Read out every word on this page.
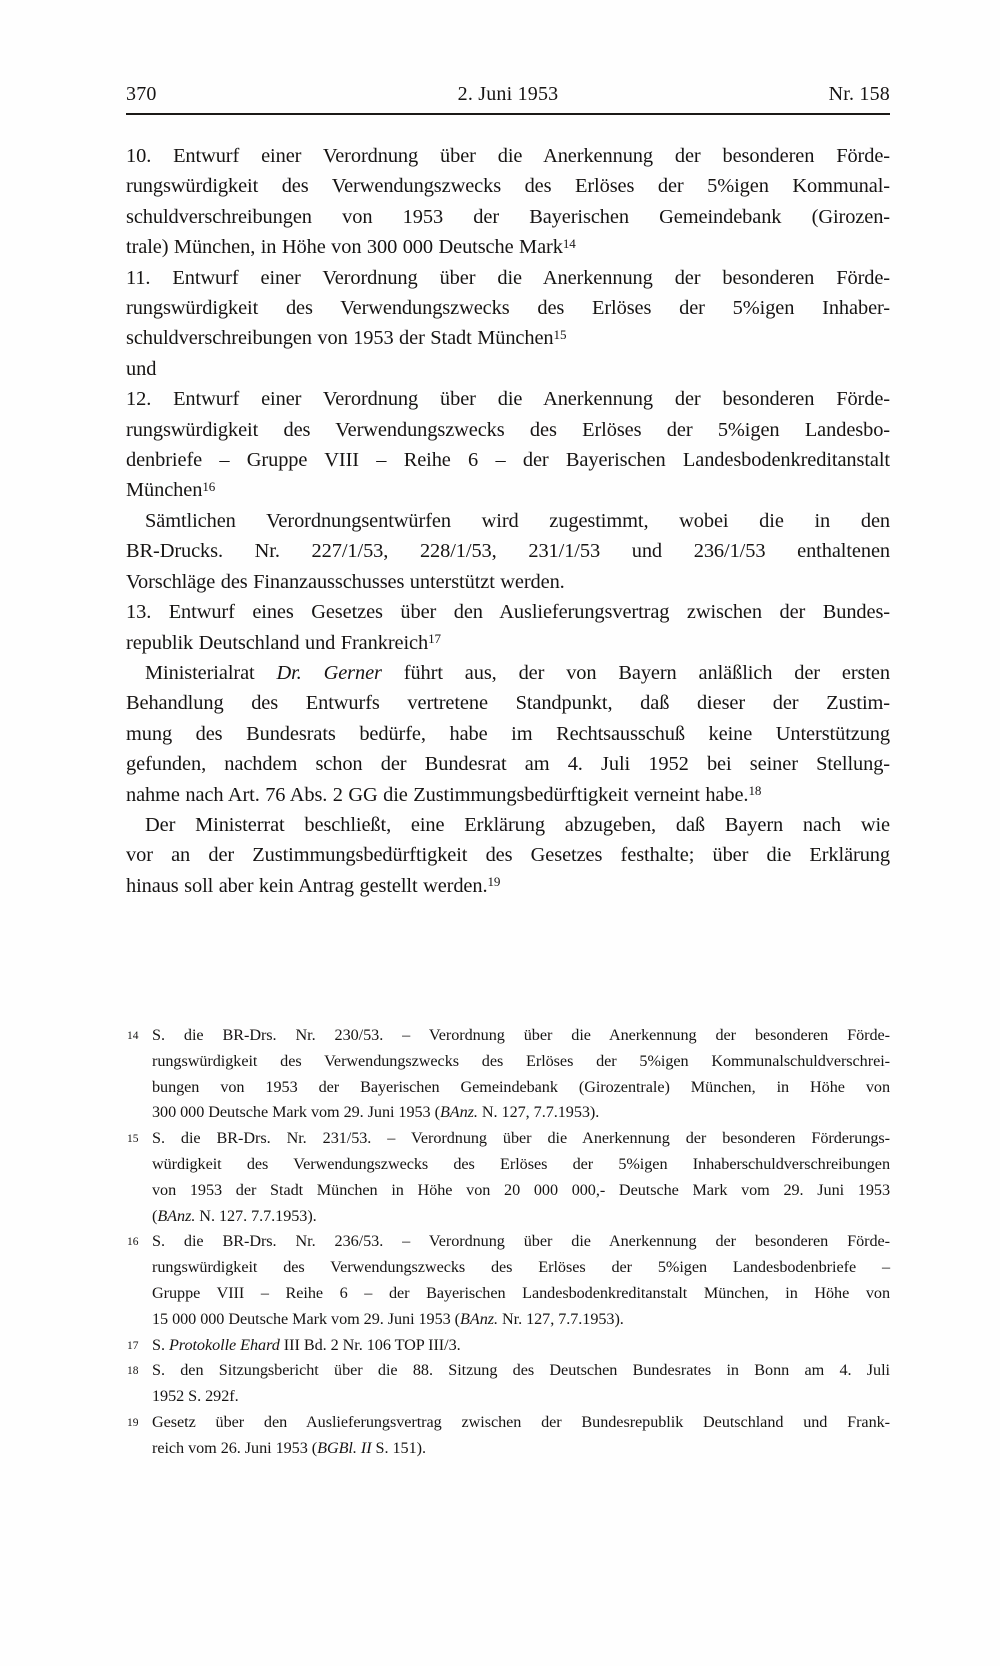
370	2. Juni 1953	Nr. 158
10. Entwurf einer Verordnung über die Anerkennung der besonderen Förde-
rungswürdigkeit des Verwendungszwecks des Erlöses der 5%igen Kommunal-
schuldverschreibungen von 1953 der Bayerischen Gemeindebank (Girozen-
trale) München, in Höhe von 300 000 Deutsche Mark$^{14}$
11. Entwurf einer Verordnung über die Anerkennung der besonderen Förde-
rungswürdigkeit des Verwendungszwecks des Erlöses der 5%igen Inhaber-
schuldverschreibungen von 1953 der Stadt München$^{15}$
und
12. Entwurf einer Verordnung über die Anerkennung der besonderen Förde-
rungswürdigkeit des Verwendungszwecks des Erlöses der 5%igen Landesbo-
denbriefe – Gruppe VIII – Reihe 6 – der Bayerischen Landesbodenkreditanstalt
München$^{16}$
Sämtlichen Verordnungsentwürfen wird zugestimmt, wobei die in den
BR-Drucks. Nr. 227/1/53, 228/1/53, 231/1/53 und 236/1/53 enthaltenen
Vorschläge des Finanzausschusses unterstützt werden.
13. Entwurf eines Gesetzes über den Auslieferungsvertrag zwischen der Bundes-
republik Deutschland und Frankreich$^{17}$
Ministerialrat Dr. Gerner führt aus, der von Bayern anläßlich der ersten
Behandlung des Entwurfs vertretene Standpunkt, daß dieser der Zustim-
mung des Bundesrats bedürfe, habe im Rechtsausschuß keine Unterstützung
gefunden, nachdem schon der Bundesrat am 4. Juli 1952 bei seiner Stellung-
nahme nach Art. 76 Abs. 2 GG die Zustimmungsbedürftigkeit verneint habe.$^{18}$
Der Ministerrat beschließt, eine Erklärung abzugeben, daß Bayern nach wie
vor an der Zustimmungsbedürftigkeit des Gesetzes festhalte; über die Erklärung
hinaus soll aber kein Antrag gestellt werden.$^{19}$
14 S. die BR-Drs. Nr. 230/53. – Verordnung über die Anerkennung der besonderen Förde-
rungswürdigkeit des Verwendungszwecks des Erlöses der 5%igen Kommunalschuldverschrei-
bungen von 1953 der Bayerischen Gemeindebank (Girozentrale) München, in Höhe von
300 000 Deutsche Mark vom 29. Juni 1953 (BAnz. N. 127, 7.7.1953).
15 S. die BR-Drs. Nr. 231/53. – Verordnung über die Anerkennung der besonderen Förderungs-
würdigkeit des Verwendungszwecks des Erlöses der 5%igen Inhaberschuldverschreibungen
von 1953 der Stadt München in Höhe von 20 000 000,- Deutsche Mark vom 29. Juni 1953
(BAnz. N. 127. 7.7.1953).
16 S. die BR-Drs. Nr. 236/53. – Verordnung über die Anerkennung der besonderen Förde-
rungswürdigkeit des Verwendungszwecks des Erlöses der 5%igen Landesbodenbriefe –
Gruppe VIII – Reihe 6 – der Bayerischen Landesbodenkreditanstalt München, in Höhe von
15 000 000 Deutsche Mark vom 29. Juni 1953 (BAnz. Nr. 127, 7.7.1953).
17 S. Protokolle Ehard III Bd. 2 Nr. 106 TOP III/3.
18 S. den Sitzungsbericht über die 88. Sitzung des Deutschen Bundesrates in Bonn am 4. Juli
1952 S. 292f.
19 Gesetz über den Auslieferungsvertrag zwischen der Bundesrepublik Deutschland und Frank-
reich vom 26. Juni 1953 (BGBl. II S. 151).
